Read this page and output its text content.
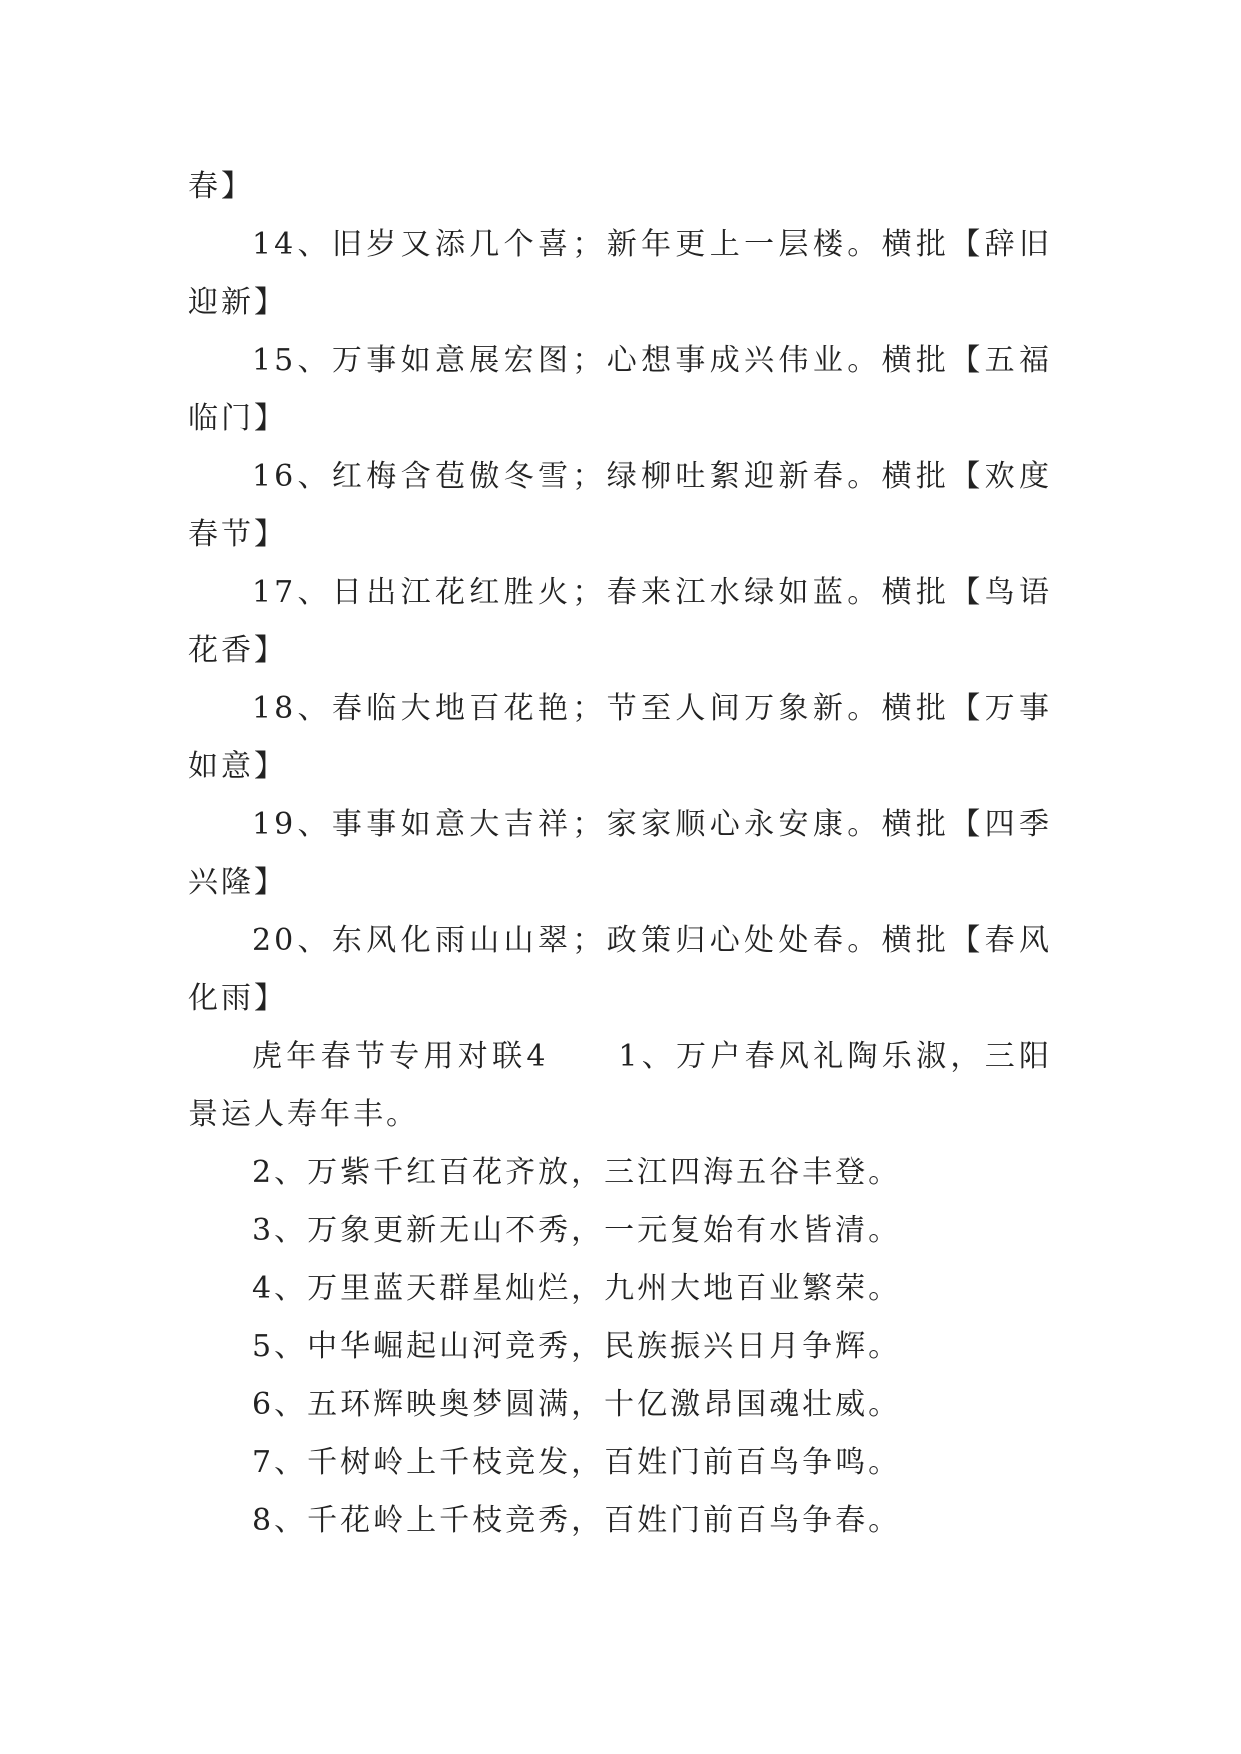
春】

14、旧岁又添几个喜；新年更上一层楼。横批【辞旧迎新】

15、万事如意展宏图；心想事成兴伟业。横批【五福临门】

16、红梅含苞傲冬雪；绿柳吐絮迎新春。横批【欢度春节】

17、日出江花红胜火；春来江水绿如蓝。横批【鸟语花香】

18、春临大地百花艳；节至人间万象新。横批【万事如意】

19、事事如意大吉祥；家家顺心永安康。横批【四季兴隆】

20、东风化雨山山翠；政策归心处处春。横批【春风化雨】

虎年春节专用对联4　　1、万户春风礼陶乐淑，三阳景运人寿年丰。

2、万紫千红百花齐放，三江四海五谷丰登。

3、万象更新无山不秀，一元复始有水皆清。

4、万里蓝天群星灿烂，九州大地百业繁荣。

5、中华崛起山河竞秀，民族振兴日月争辉。

6、五环辉映奥梦圆满，十亿激昂国魂壮威。

7、千树岭上千枝竞发，百姓门前百鸟争鸣。

8、千花岭上千枝竞秀，百姓门前百鸟争春。
